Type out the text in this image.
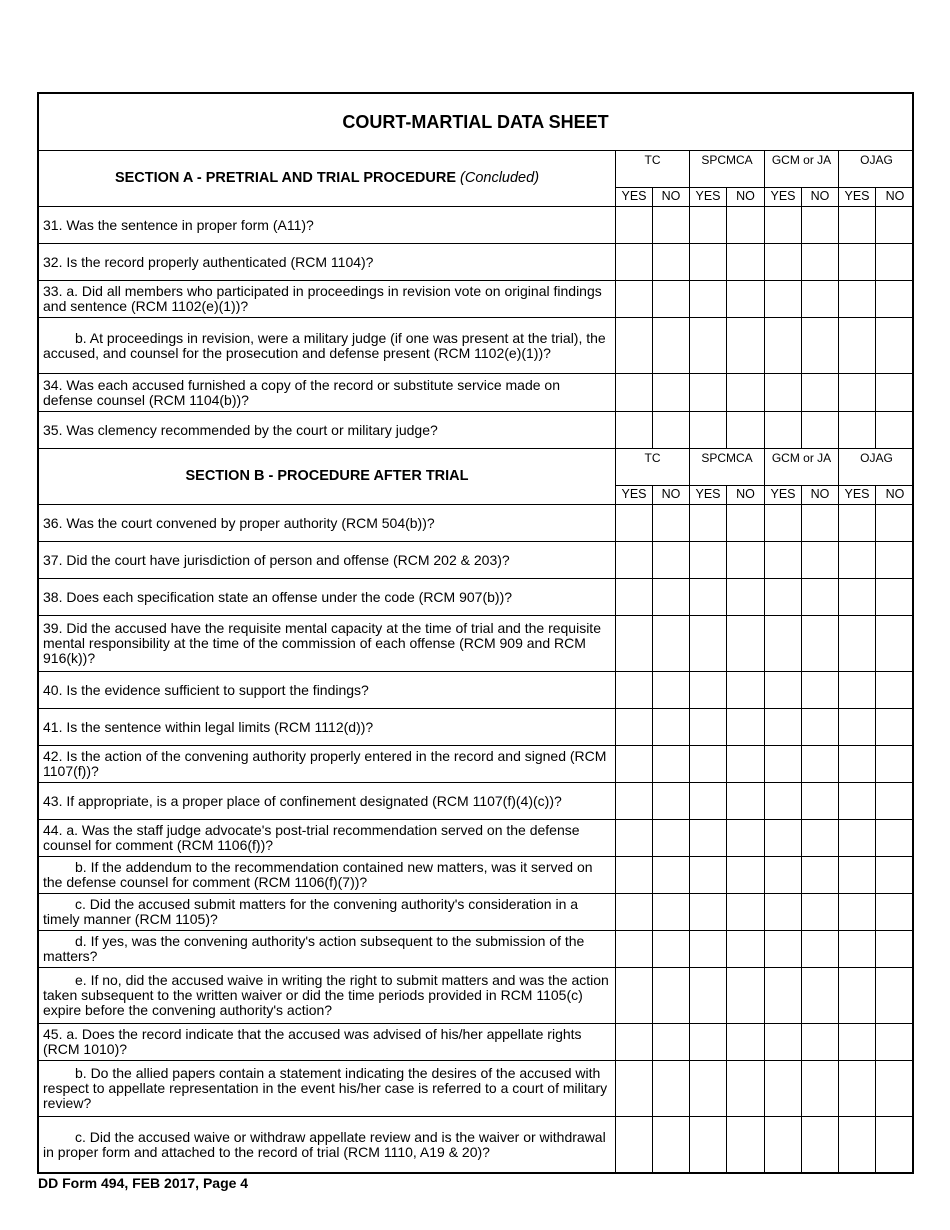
COURT-MARTIAL DATA SHEET
SECTION A - PRETRIAL AND TRIAL PROCEDURE (Concluded)
TC
YES	NO
SPCMCA
YES	NO
GCM or JA
YES	NO
OJAG
YES	NO
31. Was the sentence in proper form (A11)?
32. Is the record properly authenticated (RCM 1104)?
33. a. Did all members who participated in proceedings in revision vote on original findings and sentence (RCM 1102(e)(1))?
b. At proceedings in revision, were a military judge (if one was present at the trial), the accused, and counsel for the prosecution and defense present (RCM 1102(e)(1))?
34. Was each accused furnished a copy of the record or substitute service made on defense counsel (RCM 1104(b))?
35. Was clemency recommended by the court or military judge?
SECTION B - PROCEDURE AFTER TRIAL
TC
YES	NO
SPCMCA
YES	NO
GCM or JA
YES	NO
OJAG
YES	NO
36. Was the court convened by proper authority (RCM 504(b))?
37. Did the court have jurisdiction of person and offense (RCM 202 & 203)?
38. Does each specification state an offense under the code (RCM 907(b))?
39. Did the accused have the requisite mental capacity at the time of trial and the requisite mental responsibility at the time of the commission of each offense (RCM 909 and RCM 916(k))?
40. Is the evidence sufficient to support the findings?
41. Is the sentence within legal limits (RCM 1112(d))?
42. Is the action of the convening authority properly entered in the record and signed (RCM 1107(f))?
43. If appropriate, is a proper place of confinement designated (RCM 1107(f)(4)(c))?
44. a. Was the staff judge advocate's post-trial recommendation served on the defense counsel for comment (RCM 1106(f))?
b. If the addendum to the recommendation contained new matters, was it served on the defense counsel for comment (RCM 1106(f)(7))?
c. Did the accused submit matters for the convening authority's consideration in a timely manner (RCM 1105)?
d. If yes, was the convening authority's action subsequent to the submission of the matters?
e. If no, did the accused waive in writing the right to submit matters and was the action taken subsequent to the written waiver or did the time periods provided in RCM 1105(c) expire before the convening authority's action?
45. a. Does the record indicate that the accused was advised of his/her appellate rights (RCM 1010)?
b. Do the allied papers contain a statement indicating the desires of the accused with respect to appellate representation in the event his/her case is referred to a court of military review?
c. Did the accused waive or withdraw appellate review and is the waiver or withdrawal in proper form and attached to the record of trial (RCM 1110, A19 & 20)?
DD Form 494, FEB 2017, Page 4
